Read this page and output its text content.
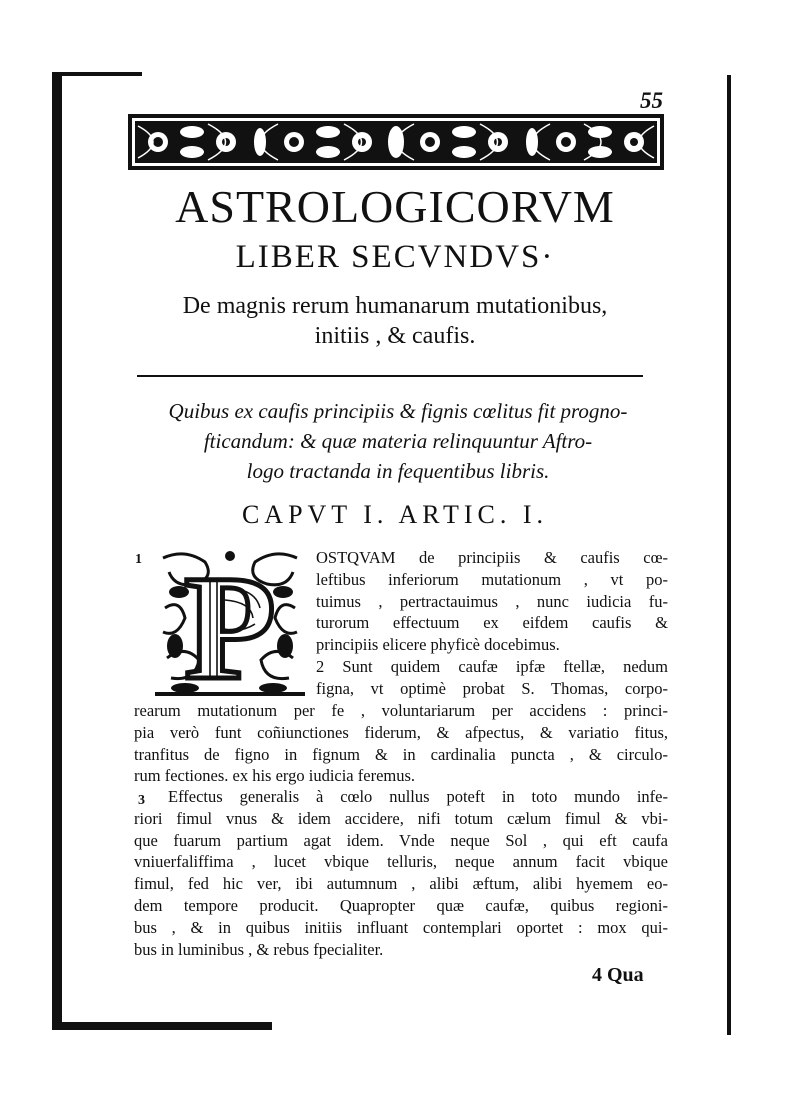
55
ASTROLOGICORVM
LIBER SECVNDVS·
De magnis rerum humanarum mutationibus,
initiis , & caufis.
Quibus ex caufis principiis & fignis cœlitus fit progno-
fticandum: & quæ materia relinquuntur Aftro-
logo tractanda in fequentibus libris.
CAPVT I. ARTIC. I.
1 P OSTQVAM de principiis & caufis cœ-
leftibus inferiorum mutationum , vt po-
tuimus , pertractauimus , nunc iudicia fu-
turorum effectuum ex eifdem caufis &
principiis elicere phyficè docebimus.
2 Sunt quidem caufæ ipfæ ftellæ, nedum
figna, vt optimè probat S. Thomas, corpo-
rearum mutationum per fe , voluntariarum per accidens : princi-
pia verò funt coñiunctiones fiderum, & afpectus, & variatio fitus,
tranfitus de figno in fignum & in cardinalia puncta , & circulo-
rum fectiones. ex his ergo iudicia feremus.
3	Effectus generalis à cœlo nullus poteft in toto mundo infe-
riori fimul vnus & idem accidere, nifi totum cælum fimul & vbi-
que fuarum partium agat idem. Vnde neque Sol , qui eft caufa
vniuerfaliffima , lucet vbique telluris, neque annum facit vbique
fimul, fed hic ver, ibi autumnum , alibi æftum, alibi hyemem eo-
dem tempore producit. Quapropter quæ caufæ, quibus regioni-
bus , & in quibus initiis influant contemplari oportet : mox qui-
bus in luminibus , & rebus fpecialiter.
4 Qua
